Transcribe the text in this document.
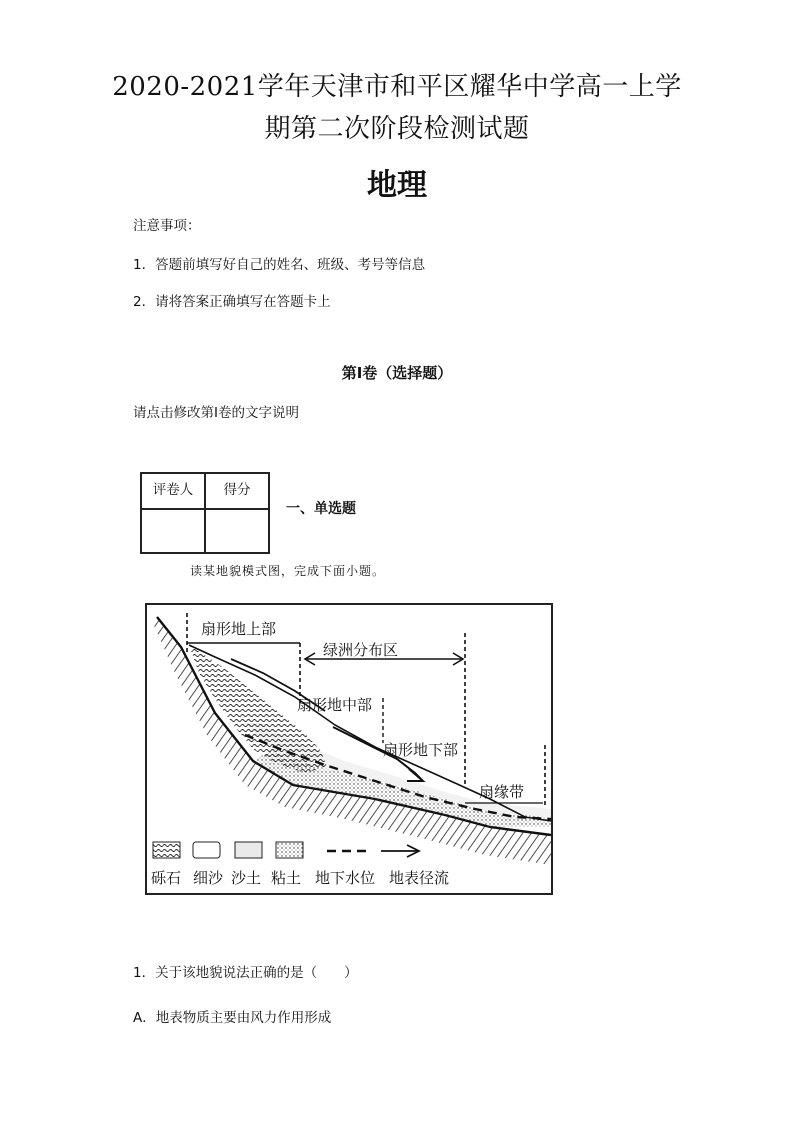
2020-2021学年天津市和平区耀华中学高一上学
期第二次阶段检测试题
地理
注意事项：
1．答题前填写好自己的姓名、班级、考号等信息
2．请将答案正确填写在答题卡上
第I卷（选择题）
请点击修改第I卷的文字说明
评卷人	得分

一、单选题
读某地貌模式图，完成下面小题。
扇形地上部
绿洲分布区
扇形地中部
扇形地下部
扇缘带
砾石 细沙 沙土 粘土 地下水位 地表径流
1．关于该地貌说法正确的是（　　）
A．地表物质主要由风力作用形成
